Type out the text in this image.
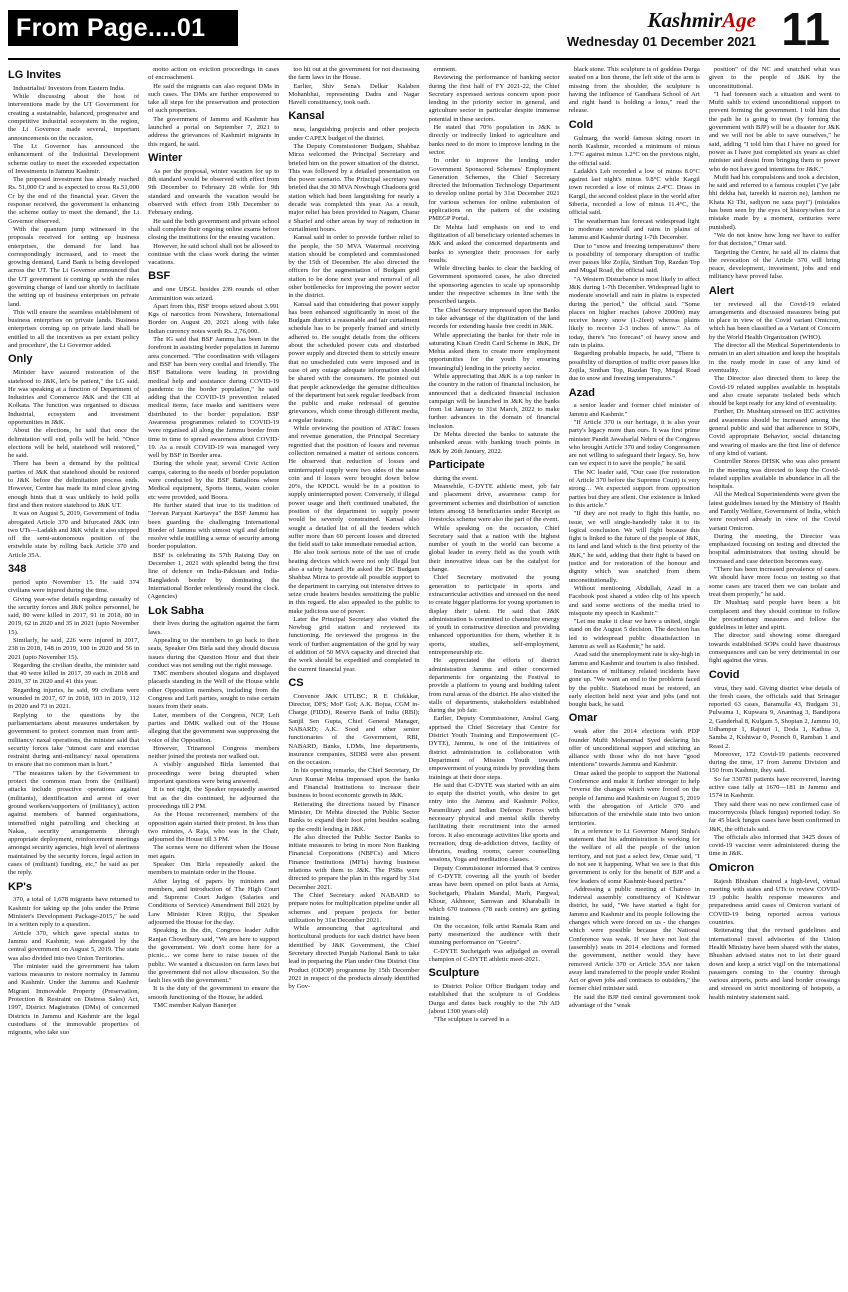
From Page....01	KashmirAge
Wednesday 01 December 2021 11
LG Invites

Industrialist/ Investors from Eastern India.

While discussing about the host of interventions made by the UT Government for creating a sustainable, balanced, progressive and competitive industrial ecosystem in the region, the Lt Governor made several, important announcements on the occasion.

The Lt Governor has announced the enhancement of the Industrial Development scheme outlay to meet the exceeded expectation of Investments in Jammu Kashmir.

The proposed investment has already reached Rs. 51,000 Cr and is expected to cross Rs.51,000 Cr by the end of the financial year. Given the response received, the government is enhancing the scheme outlay to meet the demand', the Lt Governor observed.

With the quantum jump witnessed in the proposals received for setting up business enterprises, the demand for land has correspondingly increased, and to meet the growing demand, Land Bank is being developed across the UT. The Lt Governor announced that the UT government is coming up with the rules governing change of land use shortly to facilitate the setting up of business enterprises on private land.

This will ensure the seamless establishment of business enterprises on private lands. Business enterprises coming up on private land shall be entitled to all the incentives as per extant policy and procedure', the Lt Governor added.

Only

Minister have assured restoration of the statehood to J&K, let's be patient," the LG said. He was speaking at a function of Department of Industries and Commerce J&K and the CII at Kolkata. The function was organised to discuss Industrial, ecosystem and investment opportunities in J&K.

About the elections, he said that once the delimitation will end, polls will be held. "Once elections will be held, statehood will restored," he said.

There has been a demand by the political parties of J&K that statehood should be restored to J&K before the delimitation process ends. However, Centre has made its mind clear giving enough hints that it was unlikely to hold polls first and then restore statehood to J&K UT.

It was on August 5, 2019, Government of India abrogated Article 370 and bifurcated J&K into two UTs—Ladakh and J&K while it also stripped off the semi-autonomous position of the erstwhile state by rolling back Article 370 and Article 35A.

348

period upto November 15. He said 374 civilians were injured during the time.

Giving year-wise details regarding casualty of the security forces and J&K police personnel, he said, 80 were killed in 2017, 91 in 2018, 80 in 2019, 62 in 2020 and 35 in 2021 (upto November 15).

Similarly, he said, 226 were injured in 2017, 238 in 2018, 148 in 2019, 100 in 2020 and 56 in 2021 (upto November 15).

Regarding the civilian deaths, the minister said that 40 were killed in 2017, 39 each in 2018 and 2019, 37 in 2020 and 41 this year.

Regarding injuries, he said, 99 civilians were wounded in 2017, 67 in 2018, 103 in 2019, 112 in 2020 and 73 in 2021.

Replying to the questions by the parliamentarians about measures undertaken by government to protect common man from anti-militancy/ naxal operations, the minister said that security forces take "utmost care and exercise restraint during anti-militancy/ naxal operations to ensure that no common man is hurt."

"The measures taken by the Government to protect the common man from the (militant) attacks include proactive operations against (militants), identification and arrest of over ground workers/supporters of (militancy), action against members of banned organisations, intensified night patrolling and checking at Nakas, security arrangements through appropriate deployment, reinforcement meetings amongst security agencies, high level of alertness maintained by the security forces, legal action in cases of (militant) funding, etc," he said as per the reply.

KP's

370, a total of 1,678 migrants have returned to Kashmir for taking up the jobs under the Prime Minister's Development Package-2015," he said in a written reply to a question.

Article 370, which gave special status to Jammu and Kashmir, was abrogated by the central government on August 5, 2019. The state was also divided into two Union Territories.

The minister said the government has taken various measures to restore normalcy in Jammu and Kashmir. Under the Jammu and Kashmir Migrant Immovable Property (Preservation, Protection & Restraint on Distress Sales) Act, 1997, District Magistrates (DMs) of concerned Districts in Jammu and Kashmir are the legal custodians of the immovable properties of migrants, who take suo

motto action on eviction proceedings in cases of encroachment.

He said the migrants can also request DMs in such cases. The DMs are further empowered to take all steps for the preservation and protection of such properties.

The government of Jammu and Kashmir has launched a portal on September 7, 2021 to address the grievances of Kashmiri migrants in this regard, he said.

Winter

As per the proposal, winter vacation for up to 8th standard would be observed with effect from 9th December to February 28 while for 9th standard and onwards the vacation would be observed with effect from 19th December to February ending.

He said the both government and private school shall complete their ongoing online exams before closing the institutions for the ensuing vacation.

However, he said school shall not be allowed to continue with the class work during the winter vacations.

BSF

and one UBGL besides 239 rounds of other Ammunition was seized.

Apart from this, BSF troops seized about 3.991 Kgs of narcotics from Nowshera, International Border on August 20, 2021 along with fake Indian currency notes worth Rs. 2,76,000.

The IG said that BSF Jammu has been in the forefront in assisting border population in Jammu area concerned. "The coordination with villagers and BSF has been very cordial and friendly. The BSF Battalions were leading in providing medical help and assistance during COVID-19 pandemic to the border population," he said adding that the COVID-19 prevention related medical items, face masks and sanitisers were distributed to the border population. BSF Awareness programmes related to COVID-19 were organised all along the Jammu border from time to time to spread awareness about COVID-19. As a result COVID-19 was managed very well by BSF in Border area.

During the whole year, several Civic Action camps, catering to the needs of border population were conducted by the BSF Battalions where Medical equipment, Sports items, water cooler etc were provided, said Boora.

He further stated that true to its tradition of "Jeevan Paryant Kartavya" the BSF Jammu has been guarding the challenging International Border of Jammu with utmost vigil and definite resolve while instilling a sense of security among border population.

BSF is celebrating its 57th Raising Day on December 1, 2021 with splendid being the first line of defence on India-Pakistan and India-Bangladesh border by dominating the International Border relentlessly round the clock. (Agencies)

Lok Sabha

their lives during the agitation against the farm laws.

Appealing to the members to go back to their seats, Speaker Om Birla said they should discuss issues during the Question Hour and that their conduct was not sending out the right message.

TMC members shouted slogans and displayed placards standing in the Well of the House while other Opposition members, including from the Congress and Left parties, sought to raise certain issues from their seats.

Later, members of the Congress, NCP, Left parties and DMK walked out of the House alleging that the government was suppressing the voice of the Opposition.

However, Trinamool Congress members neither joined the protests nor walked out.

A visibly anguished Birla lamented that proceedings were being disrupted when important questions were being answered.

It is not right, the Speaker repeatedly asserted but as the din continued, he adjourned the proceedings till 2 PM.

As the House reconvened, members of the opposition again started their protest. In less than two minutes, A Raja, who was in the Chair, adjourned the House till 3 PM.

The scenes were no different when the House met again.

Speaker Om Birla repeatedly asked the members to maintain order in the House.

After laying of papers by ministers and members, and introduction of The High Court and Supreme Court Judges (Salaries and Conditions of Service) Amendment Bill 2021 by Law Minister Kiren Rijiju, the Speaker adjourned the House for the day.

Speaking in the din, Congress leader Adhir Ranjan Chowdhury said, "We are here to support the government. We don't come here for a picnic... we come here to raise issues of the public. We wanted a discussion on farm laws but the government did not allow discussion. So the fault lies with the government."

It is the duty of the government to ensure the smooth functioning of the House, he added.

TMC member Kalyan Banerjee

too hit out at the government for not discussing the farm laws in the House.

Earlier, Shiv Sena's Delkar Kalaben Mohanbhai, representing Dadra and Nagar Haveli constituency, took oath.

Kansal

ness, languishing projects and other projects under CAPEX budget of the district.

The Deputy Commissioner Budgam, Shahbaz Mirza welcomed the Principal Secretary and briefed him on the power situation of the district. This was followed by a detailed presentation on the power scenario. The Principal secretary was briefed that the 30 MVA Nowbugh Chadoora grid station which had been languishing for nearly a decade was completed this year. As a result, major relief has been provided to Nagam, Charar e Sharief and other areas by way of reduction in curtailment hours.

Kansal said in order to provide further relief to the people, the 50 MVA Watermal receiving station should be completed and commissioned by the 15th of December. He also directed the officers for the augmentation of Budgam grid station to be done next year and removal of all other bottlenecks for improving the power sector in the district.

Kansal said that considering that power supply has been enhanced significantly in most of the Budgam district a reasonable and fair curtailment schedule has to be properly framed and strictly adhered to. He sought details from the officers about the scheduled power cuts and disturbed power supply and directed them to strictly ensure that no unscheduled cuts were imposed and in case of any outage adequate information should be shared with the consumers. He pointed out that people acknowledge the genuine difficulties of the department but seek regular feedback from the public and make redressal of genuine grievances, which come through different media, a regular feature.

While reviewing the position of AT&C losses and revenue generation, the Principal Secretary regretted that the position of losses and revenue collection remained a matter of serious concern. He observed that reduction of losses and uninterrupted supply were two sides of the same coin and if losses were brought down below 20%, the KPDCL would be in a position to supply uninterrupted power. Conversely, if illegal power usage and theft continued unabated, the position of the department to supply power would be severely constrained. Kansal also sought a detailed list of all the feeders which suffer more than 60 percent losses and directed the field staff to take immediate remedial action.

He also took serious note of the use of crude heating devices which were not only illegal but also a safety hazard. He asked the DC Budgam Shahbaz Mirza to provide all possible support to the department in carrying out intensive drives to seize crude heaters besides sensitizing the public in this regard. He also appealed to the public to make judicious use of power.

Later the Principal Secretary also visited the Nowbug grid station and reviewed its functioning. He reviewed the progress in the work of further augmentation of the grid by way of addition of 50 MVA capacity and directed that the work should be expedited and completed in the current financial year.

CS

Convenor J&K UTLBC; R E Chikkkar, Director, DFS; MoF GoI; A.K. Bojua, CGM in-Charge (FIDD), Reserve Bank of India (RBI); Sanjil Sen Gupta, Chief General Manager, NABARD; A.K. Sood and other senior functionaries of the Government, RBI, NABARD, Banks, LDMs, line departments, insurance companies, SIDBI were also present on the occasion.

In his opening remarks, the Chief Secretary, Dr Arun Kumar Mehta impressed upon the banks and Financial Institutions to increase their business to boost economic growth in J&K.

Reiterating the directions issued by Finance Minister, Dr Mehta directed the Public Sector Banks to expand their foot print besides scaling up the credit lending in J&K.

He also directed the Public Sector Banks to initiate measures to bring in more Non Banking Financial Corporations (NBFCs) and Micro Finance Institutions (MFIs) having business relations with them to J&K. The PSBs were directed to prepare the plan in this regard by 31st December 2021.

The Chief Secretary asked NABARD to prepare notes for multiplication pipeline under all schemes and prepare projects for better utilization by 31st December 2021.

While announcing that agricultural and horticultural products for each district have been identified by J&K Government, the Chief Secretary directed Punjab National Bank to take lead in preparing the Plan under One District One Product (ODOP) programme by 15th December 2021 in respect of the products already identified by Gov-

ernment.

Reviewing the performance of banking sector during the first half of FY 2021-22, the Chief Secretary expressed serious concern upon poor lending in the priority sector in general, and agriculture sector in particular despite immense potential in these sectors.

He stated that 70% population in J&K is directly or indirectly linked to agriculture and banks need to do more to improve lending in the sector.

In order to improve the lending under Government Sponsored Schemes/ Employment Generation Schemes, the Chief Secretary directed the Information Technology Department to develop online portal by 31st December 2021 for various schemes for online submission of applications on the pattern of the existing PMEGP Portal.

Dr Mehta laid emphasis on end to end digitization of all beneficiary oriented schemes in J&K and asked the concerned departments and banks to synergize their processes for early results.

While directing banks to clear the backlog of Government sponsored cases, he also directed the sponsoring agencies to scale up sponsorship under the respective schemes in line with the prescribed targets.

The Chief Secretary impressed upon the Banks to take advantage of the digitization of the land records for extending hassle free credit in J&K.

While appreciating the banks for their role in saturating Kisan Credit Card Scheme in J&K, Dr Mehta asked them to create more employment opportunities for the youth by ensuring (meaningful) lending in the priority sector.

While appreciating that J&K is a top ranker in the country in the ration of financial inclusion, he announced that a dedicated financial inclusion campaign will be launched in J&K by the banks from 1st January to 31st March, 2022 to make further advances in the domain of financial inclusion.

Dr Mehta directed the banks to saturate the unbanked areas with banking touch points in J&K by 26th January, 2022.

Participate

during the event.

Meanwhile, C-DYTE athletic meet, job fair and placement drive, awareness camp for government schemes and distribution of sanction letters among 18 beneficiaries under Receipt as livestocks scheme were also the part of the event.

While speaking on the occasion, Chief Secretary said that a nation with the highest number of youth in the world can become a global leader in every field as the youth with their innovative ideas can be the catalyst for change.

Chief Secretary motivated the young generation to participate in sports and extracurricular activities and stressed on the need to create bigger platforms for young sportsmen to display their talent. He said that J&K administration is committed to channelize energy of youth in constructive direction and providing enhanced opportunities for them, whether it is sports, studies, self-employment, entrepreneurship etc.

He appreciated the efforts of district administration Jammu and other concerned departments for organizing the Festival to provide a platform to young and budding talent from rural areas of the district. He also visited the stalls of departments, stakeholders established during the job fair.

Earlier, Deputy Commissioner, Anshul Garg, apprised the Chief Secretary that Centre for District Youth Training and Empowerment (C-DYTE), Jammu, is one of the initiatives of district administration in collaboration with Department of Mission Youth towards empowerment of young minds by providing them trainings at their door steps.

He said that C-DYTE was started with an aim to equip the district youth, who desire to get entry into the Jammu and Kashmir Police, Paramilitary and Indian Defence Forces with necessary physical and mental skills thereby facilitating their recruitment into the armed forces. It also encourage activities like sports and recreation, drug de-addiction drives, facility of libraries, reading rooms, career counselling sessions, Yoga and meditation classes.

Deputy Commissioner informed that 9 centres of C-DYTE covering all the youth of border areas have been opened on pilot basis at Arnia, Suchetgarh, Phalain Mandal, Marh, Pargwal, Khour, Akhnoor, Samwan and Kharaballi in which 670 trainees (78 each centre) are getting training.

On the occasion, folk artist Ramala Ram and party mesmerized the audience with their stunning performance on "Geetru".

C-DYTE Suchetgarh was adjudged as overall champion of C-DYTE athletic meet-2021.

Sculpture

to District Police Office Budgam today and established that the sculpture is of Goddess Durga and dates back roughly to the 7th AD (about 1300 years old)

"The sculpture is carved in a

black stone. This sculpture is of goddess Durga seated on a lion throne, the left side of the arm is missing from the shoulder, the sculpture is having the influence of Gandhara School of Art and right hand is holding a lotus," read the release.

Cold

Gulmarg, the world famous skiing resort in north Kashmir, recorded a minimum of minus 1.7°C against minus 1.2°C on the previous night, the official said.

Ladakh's Leh recorded a low of minus 8.0°C against last night's minus 9.8°C while Kargil town recorded a low of minus 2.4°C. Drass in Kargil, the second coldest place in the world after Siberia, recorded a low of minus 11.4°C, the official said.

The weatherman has forecast widespread light to moderate snowfall and rains in plains of Jammu and Kashmir during 1-7th December.

Due to "snow and freezing temperatures" there is possibility of temporary disruption of traffic over passes like Zojila, Sinthan Top, Razdan Top and Mugal Road, the official said.

"A Western Disturbance is most likely to affect J&K during 1-7th December. Widespread light to moderate snowfall and rain in plains is expected during the period," the official said. "Some places on higher reaches (above 2000m) may receive heavy snow (1-2feet) whereas plains likely to receive 2-3 inches of snow." As of today, there's "no forecast" of heavy snow and rain in plains.

Regarding probable impacts, he said, "There is possibility of disruption of traffic over passes like Zojila, Sinthan Top, Razdan Top, Mugal Road due to snow and freezing temperatures."

Azad

a senior leader and former chief minister of Jammu and Kashmir."

"If Article 370 is our heritage, it is also your party's legacy more than ours. It was first prime minister Pandit Jawaharlal Nehru of the Congress who brought Article 370 and today Congressmen are not willing to safeguard their legacy. So, how can we expect it to save the people," he said.

The NC leader said, "Our case (for restoration of Article 370 before the Supreme Court) is very strong… We expected support from opposition parties but they are silent. Our existence is linked to this article."

"If they are not ready to fight this battle, no issue, we will single-handedly take it to its logical conclusion. We will fight because this fight is linked to the future of the people of J&K, its land and land which is the first priority of the J&K," he said, adding that their fight is based on justice and for restoration of the honour and dignity which was snatched from them unconstitutionally.

Without mentioning Abdullah, Azad in a Facebook post shared a video clip of his speech and said some sections of the media tried to misquote my speech in Kashmir."

"Let me make it clear we have a united, single stand on the August 5 decision. The decision has led to widespread public dissatisfaction in Jammu as well as Kashmir," he said.

Azad said the unemployment rate is sky-high in Jammu and Kashmir and tourism is also finished.

Instances of militancy related incidents have gone up. "We want an end to the problems faced by the public. Statehood must be restored, an early election held next year and jobs (and not bought back, he said.

Omar

weak after the 2014 elections with PDP founder Mufti Mohammad Syed declaring his offer of unconditional support and stitching an alliance with those who do not have "good intentions" towards Jammu and Kashmir.

Omar asked the people to support the National Conference and make it further stronger to help "reverse the changes which were forced on the people of Jammu and Kashmir on August 5, 2019 with the abrogation of Article 370 and bifurcation of the erstwhile state into two union territories.

In a reference to Lt Governor Manoj Sinha's statement that his administration is working for the welfare of all the people of the union territory, and not just a select few, Omar said, "I do not see it happening. What we see is that this government is only for the benefit of BJP and a few leaders of some Kashmir-based parties."

Addressing a public meeting at Chatroo in Inderwal assembly constituency of Kishtwar district, he said, "We have started a fight for Jammu and Kashmir and its people following the changes which were forced on us - the changes which were possible because the National Conference was weak. If we have not lost the (assembly) seats in 2014 elections and formed the government, neither would they have removed Article 370 or Article 35A nor taken away land transferred to the people under Roshni Act or given jobs and contracts to outsiders," the former chief minister said.

He said the BJP tied central government took advantage of the "weak

position" of the NC and snatched what was given to the people of J&K by the unconstitutional.

"I had foreseen such a situation and went to Mufti sahib to extend unconditional support to prevent forming the government. I told him that the path he is going to treat (by forming the government with BJP) will be a disaster for J&K and we will not be able to save ourselves," he said, adding "I told him that I have no greed for power as I have just completed six years as chief minister and desist from bringing them to power who do not have good intentions for J&K."

Mufti had his compulsions and took a decision, he said and referred to a famous couplet ("ye jabr bhi dekha hai, tareekh ki nazron ne), lamhon ne Khata Ki Thi, sadiyon ne saza payi") (mistakes has been seen by the eyes of history/when for a mistake made by a moment, centuries were punished).

"We do not know how long we have to suffer for that decision," Omar said.

Targeting the Centre, he said all its claims that the revocation of the Article 370 will bring peace, development, investment, jobs and end militancy have proved false.

Alert

ter reviewed all the Covid-19 related arrangements and discussed measures being put in place in view of the Covid variant Omicron, which has been classified as a Variant of Concern by the World Health Organization (WHO).

The director all the Medical Superintendents to remain in an alert situation and keep the hospitals in the ready mode in case of any kind of eventuality.

The Director also directed them to keep the Covid-19 related supplies available in hospitals and also create separate isolated beds which should be kept ready for any kind of eventuality.

Further, Dr. Mushtaq stressed on IEC activities and awareness should be increased among the general public and said that adherence to SOPs, Covid appropriate Behavior, social distancing and wearing of masks are the first line of defence of any kind of variant.

Controller Stores DHSK who was also present in the meeting was directed to keep the Covid-related supplies available in abundance in all the hospitals.

All the Medical Superintendents were given the latest guidelines issued by the Ministry of Health and Family Welfare, Government of India, which were received already in view of the Covid variant Omicron.

During the meeting, the Director was emphasized focusing on testing and directed the hospital administrators that testing should be increased and case detection becomes easy.

"There has been increased prevalence of cases. We should have more focus on testing so that some cases are traced then we can isolate and treat them properly," he said.

Dr Mushtaq said people have been a bit complacent and they should continue to follow the precautionary measures and follow the guidelines in letter and spirit.

The director said showing some disregard towards established SOPs could have disastrous consequences and can be very detrimental in our fight against the virus.

Covid

virus, they said. Giving district wise details of the fresh cases, the officials said that Srinagar reported 63 cases, Baramulla 43, Budgam 31, Pulwama 1, Kupwara 9, Anantnag 3, Bandipora 2, Ganderbal 8, Kulgam 5, Shopian 2, Jammu 10, Udhampur 1, Rajouri 1, Doda 1, Kathua 3, Samba 2, Kishtwar 0, Poonch 0, Ramban 1 and Reasi 2.

Moreover, 172 Covid-19 patients recovered during the time, 17 from Jammu Division and 150 from Kashmir, they said.

So far 330781 patients have recovered, leaving active case tally at 1670—181 in Jammu and 1574 in Kashmir.

They said there was no new confirmed case of mucormycosis (black fungus) reported today. So far 45 black fungus cases have been confirmed in J&K, the officials said.

The officials also informed that 3425 doses of covid-19 vaccine were administered during the time in J&K.

Omicron

Rajesh Bhushan chaired a high-level, virtual meeting with states and UTs to review COVID-19 public health response measures and preparedness amid cases of Omicron variant of COVID-19 being reported across various countries.

Reiterating that the revised guidelines and international travel advisories of the Union Health Ministry have been shared with the states, Bhushan advised states not to let their guard down and keep a strict vigil on the international passengers coming to the country through various airports, ports and land border crossings and stressed on strict monitoring of hotspots, a health ministry statement said.
